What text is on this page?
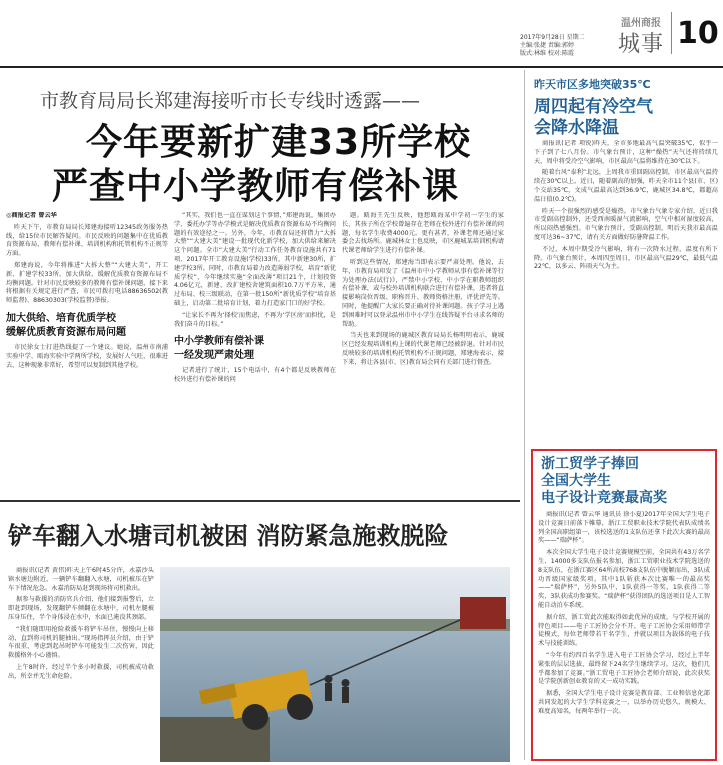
2017年9月28日 星期二
主编:张捷 责编:郭婷
版式:林维 校对:陈霞
温州商报
城事 10
市教育局局长郑建海接听市长专线时透露——
今年要新扩建33所学校
严查中小学教师有偿补课
◎商报记者 曾云华

昨天下午，市教育局局长郑建海接听12345政务服务热线，给15位市民解答疑问。市民反映的问题集中在优质教育资源布局、教师有偿补课、培训机构和托管机构不正规等方面。

郑建海说，今年将推进“大拆大整”“大建大美”，开工新、扩建学校33所，加大供给，缓解优质教育资源布局不均衡问题。针对市民反映较多的教师有偿补课问题，接下来将根据有关规定进行严查，市民可拨打电话88636502(教师监督)、88630303(学校监督)举报。

加大供给、培育优质学校
缓解优质教育资源布局问题

市民徐女士打进热线提了一个建议。她说，温州市南浦实验中学、瓯海实验中学两所学校，发展好人气旺，很难进去，这种现象非常好，希望可以复制到其他学校。

“其实，我们也一直在谋划这个事情，”郑建海说，集团办学、委托办学等办学模式是解决优质教育资源布局不均衡问题的有效途径之一。另外，今年，市教育局还将借力“大拆大整”“大建大美”建设一批现代化新学校，加大供给来解决这个问题。全市“大建大美”行动工作任务教育设施共有71项，2017年开工教育设施(学校)33所，其中新建30所，扩建学校3所。同时，市教育局着力改造薄弱学校，培育“新优质学校”，今年继续实施“全面改薄”项目21个，计划投资4.06亿元，新建、改扩建校舍建筑面积10.7万平方米，通过布局、校三级联动，在第一批150所“新优质学校”培育基础上，启动第二批培育计划，着力打造家门口的好学校。

“让家长不再为‘择校’而焦虑，不再为‘学区房’而担忧，是我们奋斗的目标。”

中小学教师有偿补课
一经发现严肃处理

记者进行了统计，15个电话中，有4个都是反映教师在校外进行有偿补课的问

题。瓯海王先生反映，他想瓯海某中学初一学生的家长，其孩子所在学校曾遍存在老师在校外进行有偿补课的问题，每名学生收费4000元。更有甚者，补课老师还通过家委会去找场所。鹿城林女士也反映，市区鹿城某培训机构请代课老师给学生进行有偿补课。

听到这些情况，郑建海当即表示要严肃处理。他说，去年，市教育局印发了《温州市中小学教师从事有偿补课等行为处理办法(试行)》，严禁中小学校、中小学在职教师组织有偿补课，或与校外培训机构联合进行有偿补课，违者将直接影响岗位晋级、职称晋升、教师资格注册、评优评先等。同时，他提醒广大家长要正确对待补课问题。孩子学习上遇到困难时可以登录温州市中小学生在线答疑平台寻求名师的帮助。

当天也来到现场的鹿城区教育局局长杨明明表示，鹿城区已经发现培训机构上课的代课老师已经被辞退。针对市民反映较多的培训机构托管机构不正规问题，郑建海表示，接下来，将让各县(市、区)教育局会同有关部门进行督查。

铲车翻入水塘司机被困 消防紧急施救脱险

商报讯(记者 黄伟)昨天上午6时45分许，永嘉沙头镇水塘边附近，一辆铲车翻翻入水塘，司机被压在铲车下情况危急。永嘉消防局赶到现场将司机救出。

据参与救援的消防官兵介绍，他们接到报警后，立即赶到现场，发现翻铲车倾翻在水塘中，司机左腿被压身压住，半个身体浸在水中，水面已淹没其颈部。

“我们随即用抢险救援车将铲车吊住，慢慢向上移动，直到将司机的腿抽出。”现场指挥员介绍，由于铲车很重，考虑到起吊时铲车可能发生二次伤害，因此救援格外小心谨慎。

上午8时许，经过半个多小时救援，司机被成功救出，所幸并无生命危险。

昨天市区多地突破35℃
周四起有冷空气
会降水降温

商报讯(记者 项锐)昨天，全市多地最高气温突破35℃，似乎一下子到了七八月份。市气象台预计，这种“燥热”天气还将持续几天，周中将受冷空气影响，市区最高气温将维持在30℃以下。

随着台风“泰利”北远，上周我市重回副高控制，市区最高气温持续在30℃以上。近日，随着副高的加强，昨天全市11个县(市、区)个交站35℃，文成气温最高达到36.9℃，鹿城区34.8℃，都超高温日值(0.2℃)。

昨天一个很强烈的感受是燥热。市气象台气象专家介绍，近日我市受副高控制外，还受西南暖湿气流影响，空气中相对湿度较高，所以闷热感强烈。市气象台预计，受副高控制，明后天我市最高温度可达36~37℃，请有关方面做好防暑降温工作。

不过，本周中期受冷气影响，将有一次降水过程，温度有所下降。市气象台预计，本周四至周日，市区最高气温29℃，最低气温22℃，以多云、阵雨天气为主。

浙工贸学子捧回
全国大学生
电子设计竞赛最高奖

商报讯(记者 曾云华 通讯员 徐小夏)2017年全国大学生电子设计竞赛日前落下帷幕，浙江工贸职业技术学院代表队成绩名列全国高职组第一，该校选送的1支队伍还拿下此次大赛的最高奖——“瑞萨杯”。

本次全国大学生电子设计竞赛规模空前，全国共有43万名学生、14000多支队伍报名参加，浙江工贸职业技术学院选送的8支队伍，在浙江赛区64所高校768支队伍中脱颖而出，3队成功晋级国家级奖项。其中1队斩获本次比赛唯一的最高奖——“瑞萨杯”，另外5队中，1队获得一等奖，1队获得二等奖，3队获成功参赛奖。“瑞萨杯”获得团队的选送项目是人工智能自动泊车系统。

据介绍，浙工贸此次能取得如此优异的成绩，与学校开展的特色项目——电子工匠协会分不开。电子工匠协会采用师带学徒模式，每位老师带若干名学生，并就以项目为载体的电子技术与技能训练。

“今年有约四百名学生进入电子工匠协会学习，经过上半年紧张的层层选拔，最终留下24名学生继续学习。这次，他们几乎都参加了竞赛。”浙工贸电子工匠协会老师介绍说，此次获奖是学院创新创业教育的又一成功实践。

据悉，全国大学生电子设计竞赛是教育部、工业和信息化部共同发起的大学生学科竞赛之一，以举办历史悠久、规模大、难度高知名，每两年举行一次。
